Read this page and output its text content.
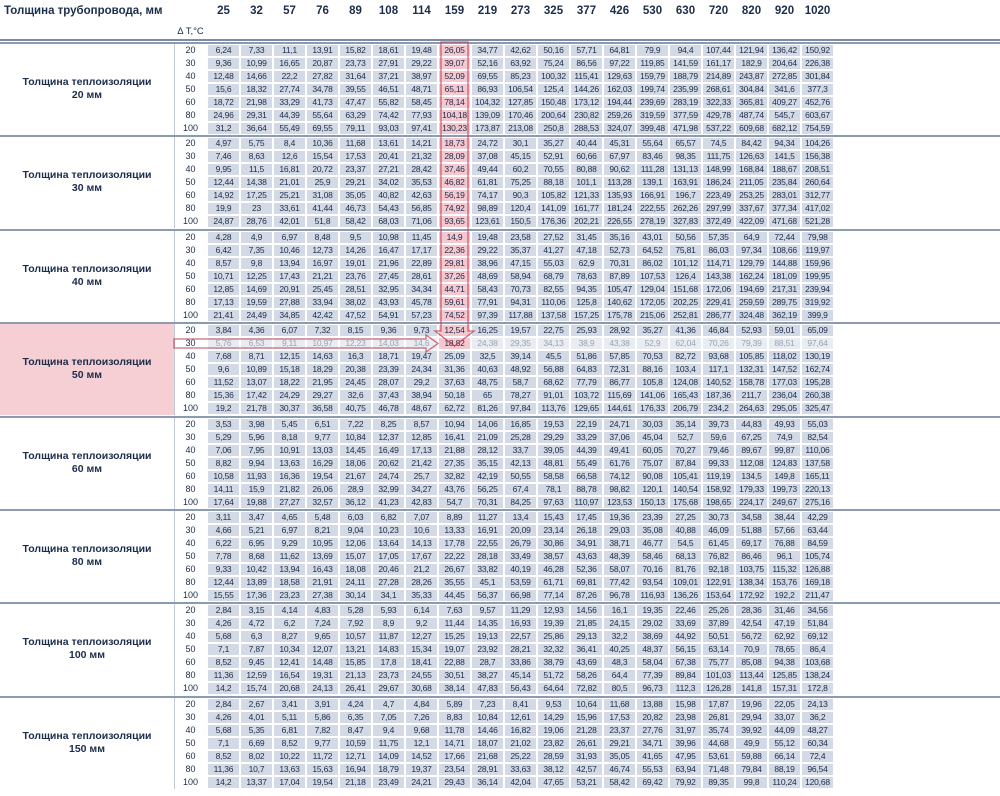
Толщина трубопровода, мм	25	32	57	76	89	108	114	159	219	273	325	377	426	530	630	720	820	920 1020
Δ Т,°С
Толщина теплоизоляции
20 мм
20	6,24	7,33	11,1	13,91	15,82	18,61	19,48	26,05	34,77	42,62	50,16	57,71	64,81	79,9	94,4	107,44 121,94 136,42 150,92
30	9,36	10,99	16,65	20,87	23,73	27,91	29,22	39,07	52,16	63,92	75,24	86,56	97,22	119,85	141,59 161,17	182,9	204,64 226,38
40	12,48	14,66	22,2	27,82	31,64	37,21	38,97	52,09	69,55	85,23	100,32	115,41	129,63 159,79 188,79 214,89 243,87 272,85 301,84
50	15,6	18,32	27,74	34,78	39,55	46,51	48,71	65,11	86,93	106,54	125,4	144,26 162,03 199,74 235,99 268,61 304,84	341,6	377,3
60	18,72	21,98	33,29	41,73	47,47	55,82	58,45	78,14	104,32 127,85 150,48 173,12 194,44 239,69 283,19 322,33 365,81 409,27 452,76
80	24,96	29,31	44,39	55,64	63,29	74,42	77,93	104,18 139,09 170,46 200,64 230,82 259,26 319,59 377,59 429,78 487,74	545,7	603,67
100	31,2	36,64	55,49	69,55	79,11	93,03	97,41	130,23 173,87 213,08	250,8	288,53 324,07 399,48 471,98 537,22 609,68 682,12 754,59
Толщина теплоизоляции
30 мм
20	4,97	5,75	8,4	10,36	11,68	13,61	14,21	18,73	24,72	30,1	35,27	40,44	45,31	55,64	65,57	74,5	84,42	94,34	104,26
30	7,46	8,63	12,6	15,54	17,53	20,41	21,32	28,09	37,08	45,15	52,91	60,66	67,97	83,46	98,35	111,75	126,63	141,5	156,38
40	9,95	11,5	16,81	20,72	23,37	27,21	28,42	37,46	49,44	60,2	70,55	80,88	90,62	111,28	131,13 148,99 168,84 188,67 208,51
50	12,44	14,38	21,01	25,9	29,21	34,02	35,53	46,82	61,81	75,25	88,18	101,1	113,28	139,1	163,91 186,24	211,05	235,84 260,64
60	14,92	17,25	25,21	31,08	35,05	40,82	42,63	56,19	74,17	90,3	105,82 121,33 135,93 166,91	196,7	223,49 253,25 283,01 312,77
80	19,9	23	33,61	41,44	46,73	54,43	56,85	74,92	98,89	120,4	141,09 161,77 181,24 222,55 262,26 297,99 337,67 377,34 417,02
100	24,87	28,76	42,01	51,8	58,42	68,03	71,06	93,65	123,61	150,5	176,36 202,21 226,55 278,19 327,83 372,49 422,09 471,68 521,28
Толщина теплоизоляции
40 мм
20	4,28	4,9	6,97	8,48	9,5	10,98	11,45	14,9	19,48	23,58	27,52	31,45	35,16	43,01	50,56	57,35	64,9	72,44	79,98
30	6,42	7,35	10,46	12,73	14,26	16,47	17,17	22,36	29,22	35,37	41,27	47,18	52,73	64,52	75,81	86,03	97,34	108,66	119,97
40	8,57	9,8	13,94	16,97	19,01	21,96	22,89	29,81	38,96	47,15	55,03	62,9	70,31	86,02	101,12	114,71	129,79 144,88 159,96
50	10,71	12,25	17,43	21,21	23,76	27,45	28,61	37,26	48,69	58,94	68,79	78,63	87,89	107,53	126,4	143,38 162,24 181,09 199,95
60	12,85	14,69	20,91	25,45	28,51	32,95	34,34	44,71	58,43	70,73	82,55	94,35	105,47 129,04 151,68 172,06 194,69 217,31 239,94
80	17,13	19,59	27,88	33,94	38,02	43,93	45,78	59,61	77,91	94,31	110,06	125,8	140,62 172,05 202,25 229,41 259,59 289,75 319,92
100	21,41	24,49	34,85	42,42	47,52	54,91	57,23	74,52	97,39	117,88	137,58 157,25 175,78 215,06 252,81 286,77 324,48 362,19	399,9
Толщина теплоизоляции
50 мм
20	3,84	4,36	6,07	7,32	8,15	9,36	9,73	12,54	16,25	19,57	22,75	25,93	28,92	35,27	41,36	46,84	52,93	59,01	65,09
30	5,76	6,53	9,11	10,97	12,23	14,03	14,6	18,82	24,38	29,35	34,13	38,9	43,38	52,9	62,04	70,26	79,39	88,51	97,64
40	7,68	8,71	12,15	14,63	16,3	18,71	19,47	25,09	32,5	39,14	45,5	51,86	57,85	70,53	82,72	93,68	105,85	118,02	130,19
50	9,6	10,89	15,18	18,29	20,38	23,39	24,34	31,36	40,63	48,92	56,88	64,83	72,31	88,16	103,4	117,1	132,31 147,52 162,74
60	11,52	13,07	18,22	21,95	24,45	28,07	29,2	37,63	48,75	58,7	68,62	77,79	86,77	105,8	124,08 140,52 158,78 177,03 195,28
80	15,36	17,42	24,29	29,27	32,6	37,43	38,94	50,18	65	78,27	91,01	103,72	115,69	141,06 165,43 187,36	211,7	236,04 260,38
100	19,2	21,78	30,37	36,58	40,75	46,78	48,67	62,72	81,26	97,84	113,76	129,65 144,61 176,33 206,79	234,2	264,63 295,05 325,47
Толщина теплоизоляции
60 мм
20	3,53	3,98	5,45	6,51	7,22	8,25	8,57	10,94	14,06	16,85	19,53	22,19	24,71	30,03	35,14	39,73	44,83	49,93	55,03
30	5,29	5,96	8,18	9,77	10,84	12,37	12,85	16,41	21,09	25,28	29,29	33,29	37,06	45,04	52,7	59,6	67,25	74,9	82,54
40	7,06	7,95	10,91	13,03	14,45	16,49	17,13	21,88	28,12	33,7	39,05	44,39	49,41	60,05	70,27	79,46	89,67	99,87	110,06
50	8,82	9,94	13,63	16,29	18,06	20,62	21,42	27,35	35,15	42,13	48,81	55,49	61,76	75,07	87,84	99,33	112,08	124,83 137,58
60	10,58	11,93	16,36	19,54	21,67	24,74	25,7	32,82	42,19	50,55	58,58	66,58	74,12	90,08	105,41	119,19	134,5	149,8	165,11
80	14,11	15,9	21,82	26,06	28,9	32,99	34,27	43,76	56,25	67,4	78,1	88,78	98,82	120,1	140,54 158,92 179,33 199,73 220,13
100	17,64	19,88	27,27	32,57	36,12	41,23	42,83	54,7	70,31	84,25	97,63	110,97	123,53 150,13 175,68 198,65 224,17 249,67 275,16
Толщина теплоизоляции
80 мм
20	3,11	3,47	4,65	5,48	6,03	6,82	7,07	8,89	11,27	13,4	15,43	17,45	19,36	23,39	27,25	30,73	34,58	38,44	42,29
30	4,66	5,21	6,97	8,21	9,04	10,23	10,6	13,33	16,91	20,09	23,14	26,18	29,03	35,08	40,88	46,09	51,88	57,66	63,44
40	6,22	6,95	9,29	10,95	12,06	13,64	14,13	17,78	22,55	26,79	30,86	34,91	38,71	46,77	54,5	61,45	69,17	76,88	84,59
50	7,78	8,68	11,62	13,69	15,07	17,05	17,67	22,22	28,18	33,49	38,57	43,63	48,39	58,46	68,13	76,82	86,46	96,1	105,74
60	9,33	10,42	13,94	16,43	18,08	20,46	21,2	26,67	33,82	40,19	46,28	52,36	58,07	70,16	81,76	92,18	103,75	115,32	126,88
80	12,44	13,89	18,58	21,91	24,11	27,28	28,26	35,55	45,1	53,59	61,71	69,81	77,42	93,54	109,01 122,91 138,34 153,76 169,18
100	15,55	17,36	23,23	27,38	30,14	34,1	35,33	44,45	56,37	66,98	77,14	87,26	96,78	116,93	136,26 153,64 172,92	192,2	211,47
Толщина теплоизоляции
100 мм
20	2,84	3,15	4,14	4,83	5,28	5,93	6,14	7,63	9,57	11,29	12,93	14,56	16,1	19,35	22,46	25,26	28,36	31,46	34,56
30	4,26	4,72	6,2	7,24	7,92	8,9	9,2	11,44	14,35	16,93	19,39	21,85	24,15	29,02	33,69	37,89	42,54	47,19	51,84
40	5,68	6,3	8,27	9,65	10,57	11,87	12,27	15,25	19,13	22,57	25,86	29,13	32,2	38,69	44,92	50,51	56,72	62,92	69,12
50	7,1	7,87	10,34	12,07	13,21	14,83	15,34	19,07	23,92	28,21	32,32	36,41	40,25	48,37	56,15	63,14	70,9	78,65	86,4
60	8,52	9,45	12,41	14,48	15,85	17,8	18,41	22,88	28,7	33,86	38,79	43,69	48,3	58,04	67,38	75,77	85,08	94,38	103,68
80	11,36	12,59	16,54	19,31	21,13	23,73	24,55	30,51	38,27	45,14	51,72	58,26	64,4	77,39	89,84	101,03	113,44	125,85 138,24
100	14,2	15,74	20,68	24,13	26,41	29,67	30,68	38,14	47,83	56,43	64,64	72,82	80,5	96,73	112,3	126,28	141,8	157,31	172,8
Толщина теплоизоляции
150 мм
20	2,84	2,67	3,41	3,91	4,24	4,7	4,84	5,89	7,23	8,41	9,53	10,64	11,68	13,88	15,98	17,87	19,96	22,05	24,13
30	4,26	4,01	5,11	5,86	6,35	7,05	7,26	8,83	10,84	12,61	14,29	15,96	17,53	20,82	23,98	26,81	29,94	33,07	36,2
40	5,68	5,35	6,81	7,82	8,47	9,4	9,68	11,78	14,46	16,82	19,06	21,28	23,37	27,76	31,97	35,74	39,92	44,09	48,27
50	7,1	6,69	8,52	9,77	10,59	11,75	12,1	14,71	18,07	21,02	23,82	26,61	29,21	34,71	39,96	44,68	49,9	55,12	60,34
60	8,52	8,02	10,22	11,72	12,71	14,09	14,52	17,66	21,68	25,22	28,59	31,93	35,05	41,65	47,95	53,61	59,88	66,14	72,4
80	11,36	10,7	13,63	15,63	16,94	18,79	19,37	23,54	28,91	33,63	38,12	42,57	46,74	55,53	63,94	71,48	79,84	88,19	96,54
100	14,2	13,37	17,04	19,54	21,18	23,49	24,21	29,43	36,14	42,04	47,65	53,21	58,42	69,42	79,92	89,35	99,8	110,24	120,68
